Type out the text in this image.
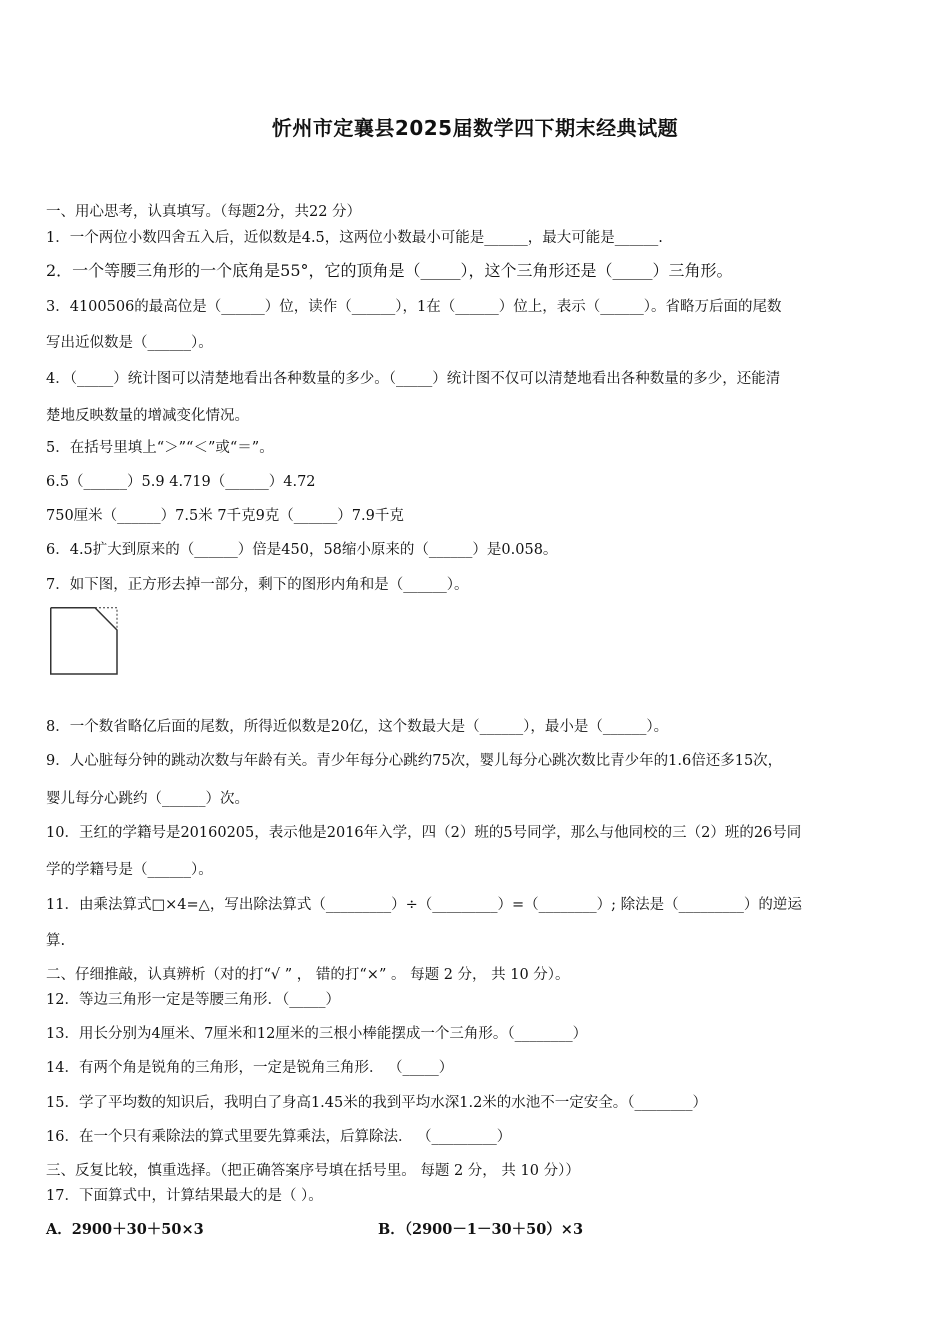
忻州市定襄县2025届数学四下期末经典试题
一、用心思考，认真填写。（每题2分，共22 分）
1．一个两位小数四舍五入后，近似数是4.5，这两位小数最小可能是______，最大可能是______.
2．一个等腰三角形的一个底角是55°，它的顶角是（_____），这个三角形还是（_____）三角形。
3．4100506的最高位是（______）位，读作（______），1在（______）位上，表示（______）。省略万后面的尾数
写出近似数是（______）。
4．（_____）统计图可以清楚地看出各种数量的多少。（_____）统计图不仅可以清楚地看出各种数量的多少，还能清
楚地反映数量的增减变化情况。
5．在括号里填上“＞”“＜”或“＝”。
6.5（______）5.9 4.719（______）4.72
750厘米（______）7.5米 7千克9克（______）7.9千克
6．4.5扩大到原来的（______）倍是450，58缩小原来的（______）是0.058。
7．如下图，正方形去掉一部分，剩下的图形内角和是（______）。
8．一个数省略亿后面的尾数，所得近似数是20亿，这个数最大是（______），最小是（______）。
9．人心脏每分钟的跳动次数与年龄有关。青少年每分心跳约75次，婴儿每分心跳次数比青少年的1.6倍还多15次，
婴儿每分心跳约（______）次。
10．王红的学籍号是20160205，表示他是2016年入学，四（2）班的5号同学，那么与他同校的三（2）班的26号同
学的学籍号是（______）。
11．由乘法算式□×4=△，写出除法算式（_________）÷（_________）=（________）; 除法是（_________）的逆运
算.
二、仔细推敲，认真辨析（对的打“√ ” ， 错的打“×” 。 每题 2 分， 共 10 分）。
12．等边三角形一定是等腰三角形．（_____）
13．用长分别为4厘米、7厘米和12厘米的三根小棒能摆成一个三角形。（________）
14．有两个角是锐角的三角形，一定是锐角三角形． （_____）
15．学了平均数的知识后，我明白了身高1.45米的我到平均水深1.2米的水池不一定安全。（________）
16．在一个只有乘除法的算式里要先算乘法，后算除法． （_________）
三、反复比较，慎重选择。（把正确答案序号填在括号里。 每题 2 分， 共 10 分））
17．下面算式中，计算结果最大的是（ ）。
A．2900＋30＋50×3	B．（2900－1－30＋50）×3
